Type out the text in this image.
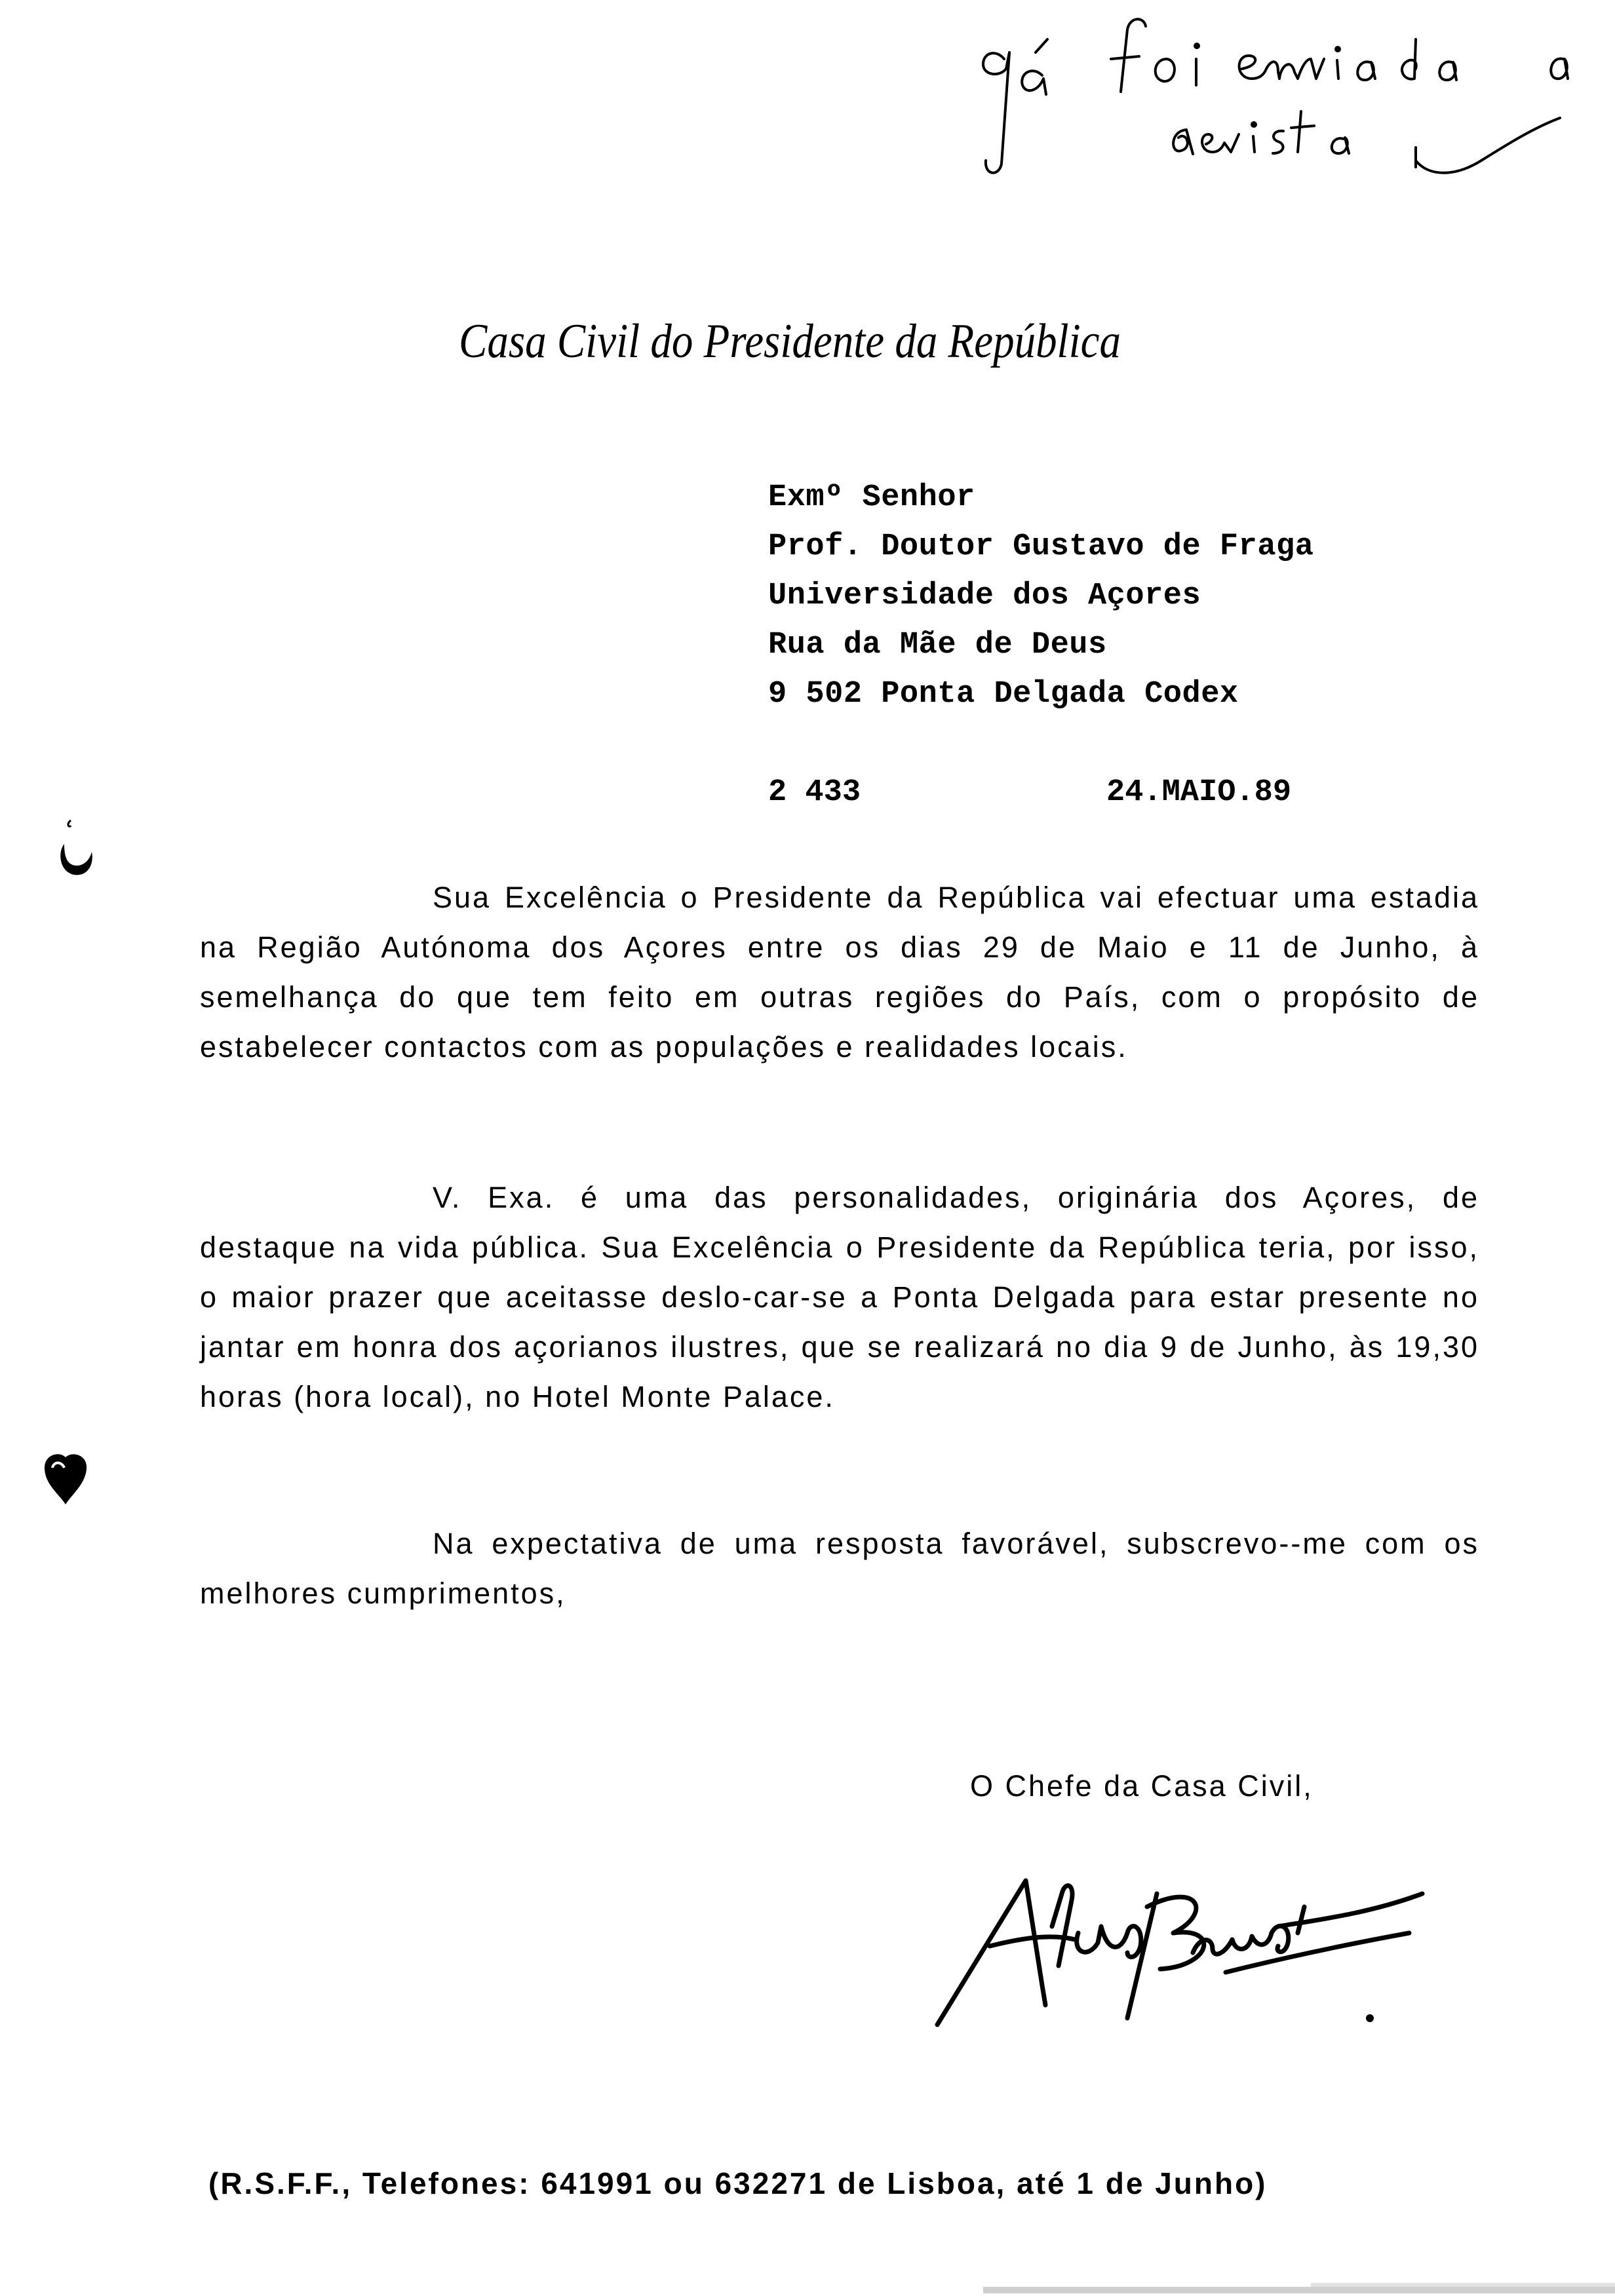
Casa Civil do Presidente da República
Exmº Senhor
Prof. Doutor Gustavo de Fraga
Universidade dos Açores
Rua da Mãe de Deus
9 502 Ponta Delgada Codex
2 433	24.MAIO.89
Sua Excelência o Presidente da República vai efectuar uma estadia na Região Autónoma dos Açores entre os dias 29 de Maio e 11 de Junho, à semelhança do que tem feito em outras regiões do País, com o propósito de estabelecer contactos com as populações e realidades locais.
V. Exa. é uma das personalidades, originária dos Açores, de destaque na vida pública. Sua Excelência o Presidente da República teria, por isso, o maior prazer que aceitasse deslo-car-se a Ponta Delgada para estar presente no jantar em honra dos açorianos ilustres, que se realizará no dia 9 de Junho, às 19,30 horas (hora local), no Hotel Monte Palace.
Na expectativa de uma resposta favorável, subscrevo--me com os melhores cumprimentos,
O Chefe da Casa Civil,
(R.S.F.F., Telefones: 641991 ou 632271 de Lisboa, até 1 de Junho)
